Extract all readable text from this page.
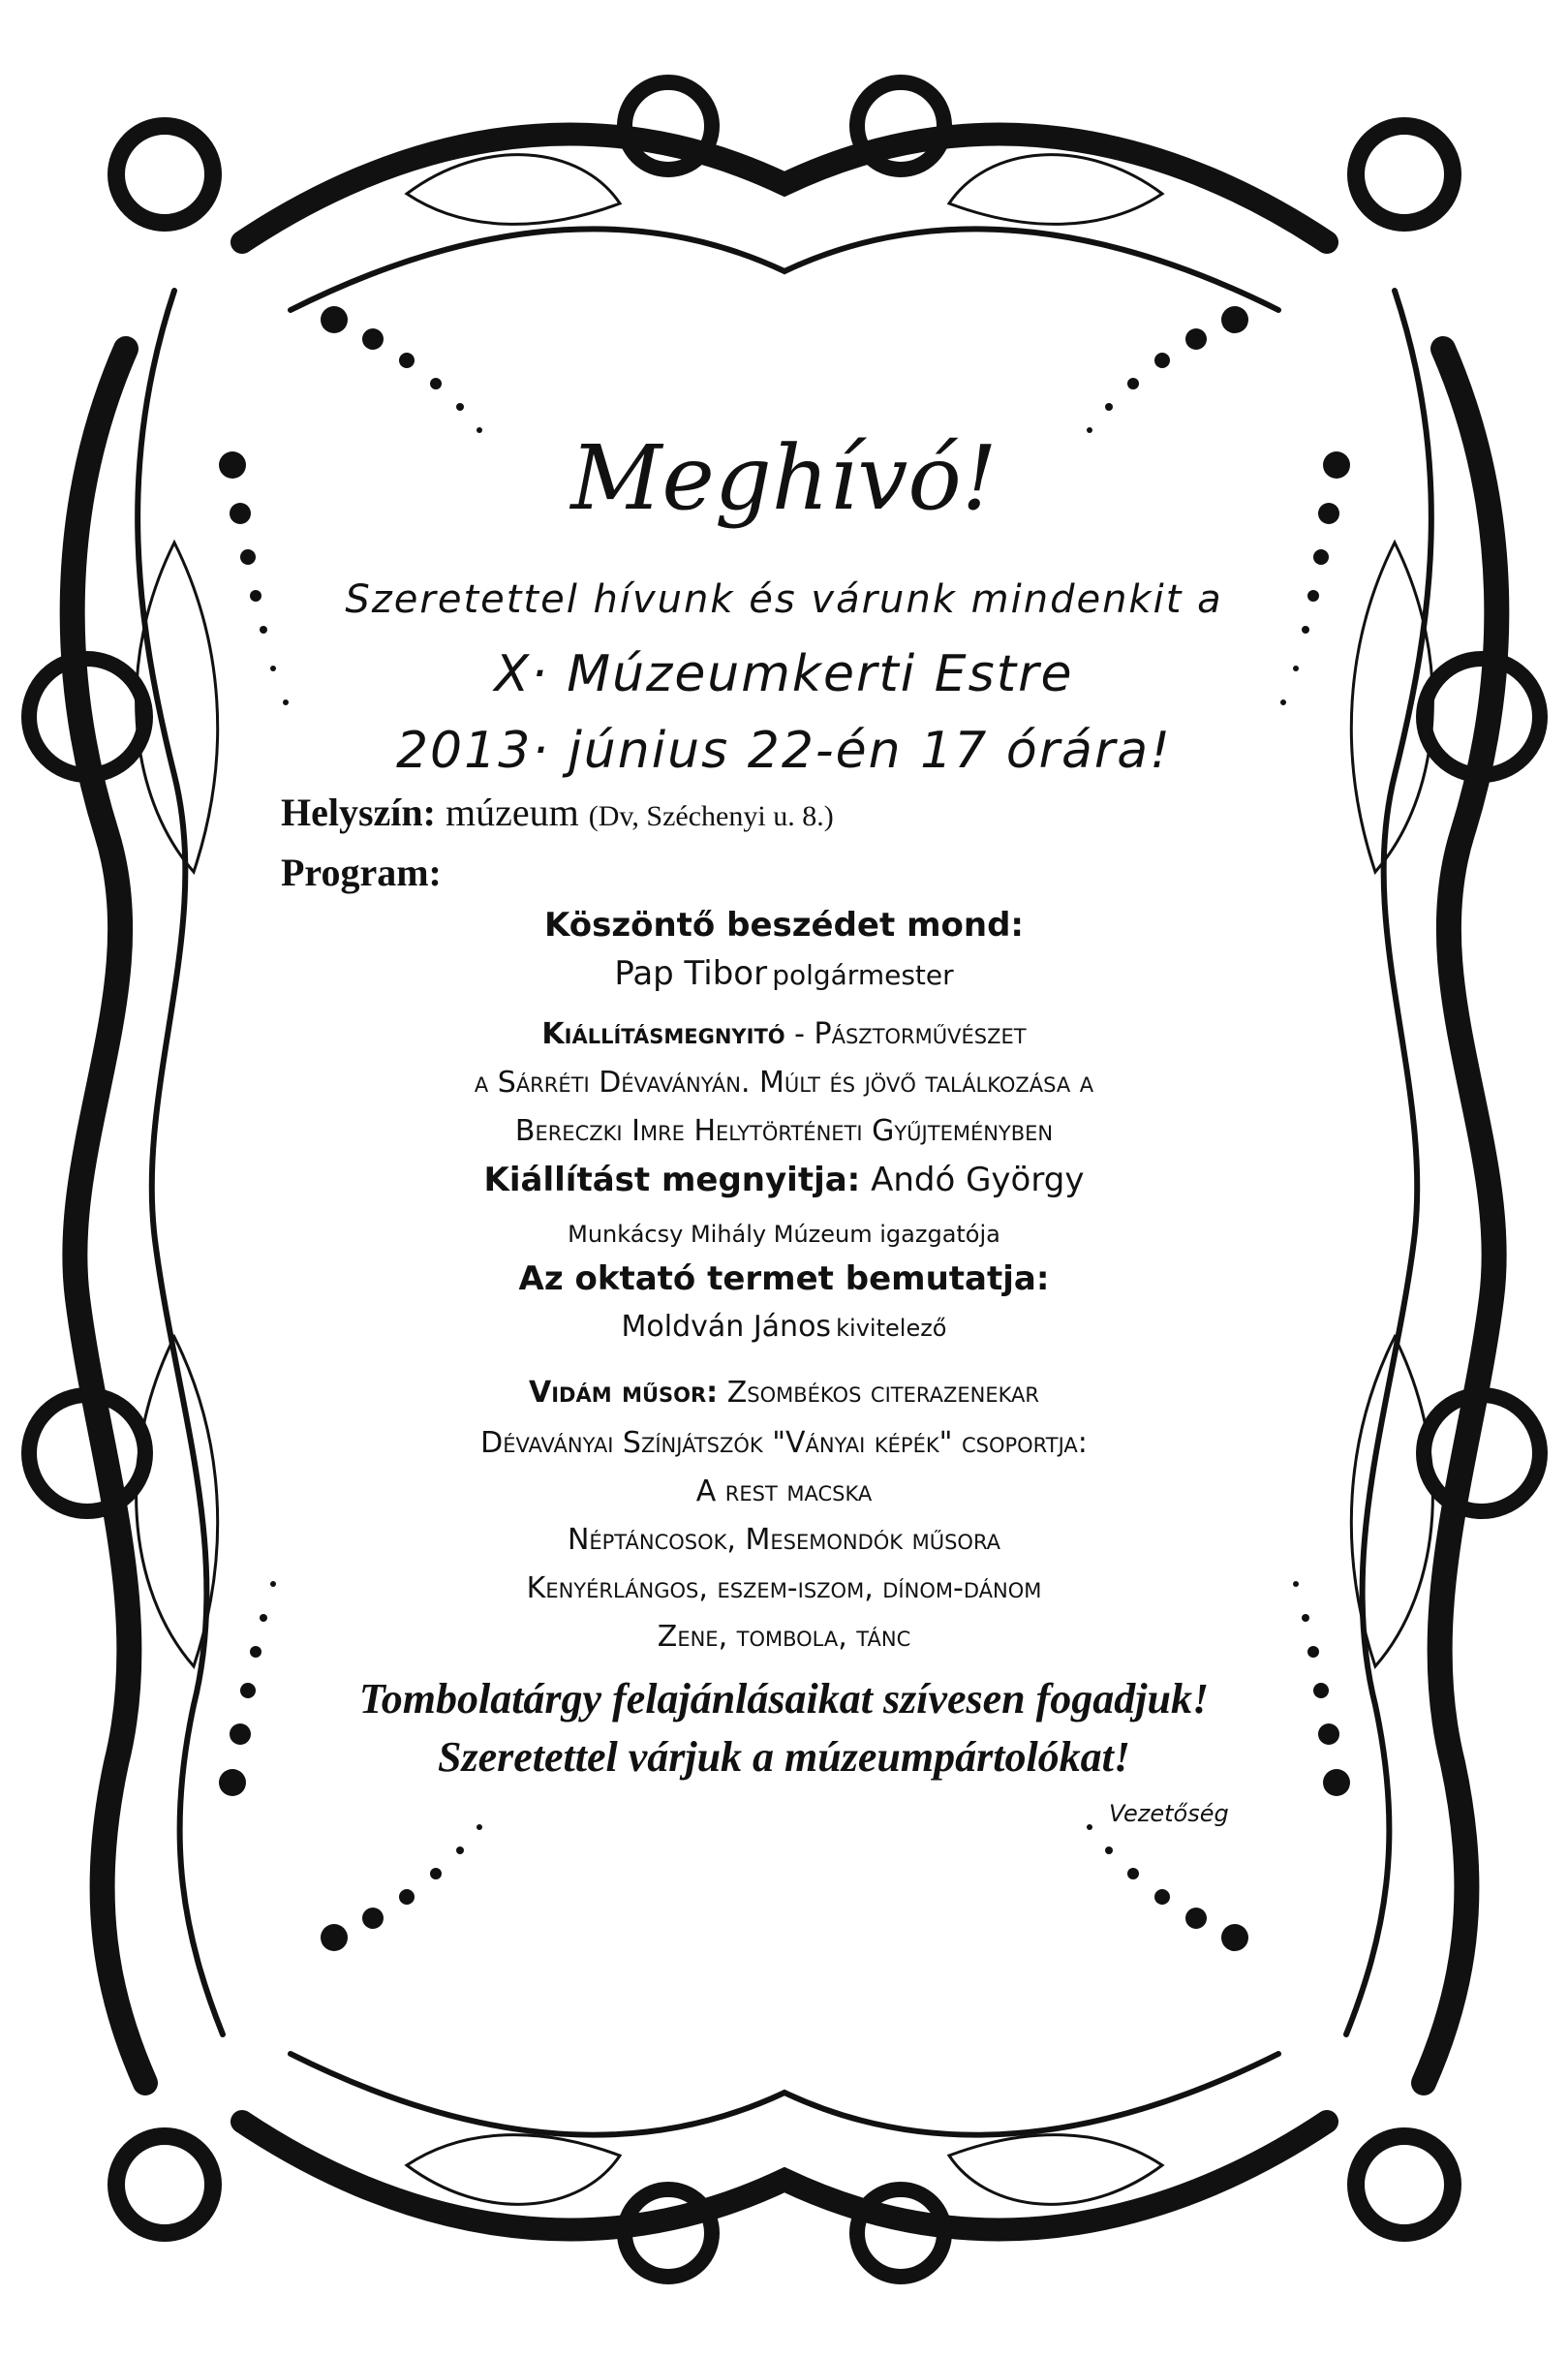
Meghívó!
Szeretettel hívunk és várunk mindenkit a
X· Múzeumkerti Estre
2013· június 22-én 17 órára!
Helyszín: múzeum (Dv, Széchenyi u. 8.)
Program:
Köszöntő beszédet mond:
Pap Tibor polgármester
Kiállításmegnyitó - Pásztorművészet
a Sárréti Dévaványán. Múlt és jövő találkozása a
Bereczki Imre Helytörténeti Gyűjteményben
Kiállítást megnyitja: Andó György
Munkácsy Mihály Múzeum igazgatója
Az oktató termet bemutatja:
Moldván János kivitelező
Vidám műsor: Zsombékos citerazenekar
Dévaványai Színjátszók "Ványai képék" csoportja:
A rest macska
Néptáncosok, Mesemondók műsora
Kenyérlángos, eszem-iszom, dínom-dánom
Zene, tombola, tánc
Tombolatárgy felajánlásaikat szívesen fogadjuk!
Szeretettel várjuk a múzeumpártolókat!
Vezetőség
